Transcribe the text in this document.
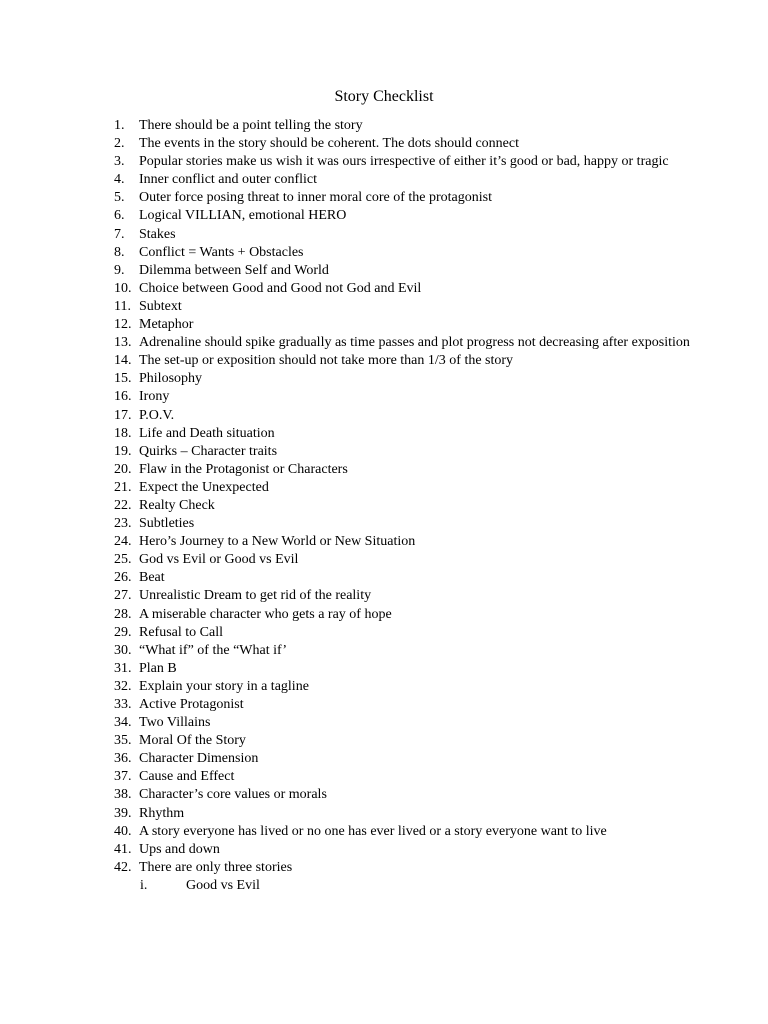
Story Checklist
1.	There should be a point telling the story
2.	The events in the story should be coherent. The dots should connect
3.	Popular stories make us wish it was ours irrespective of either it’s good or bad, happy or tragic
4.	Inner conflict and outer conflict
5.	Outer force posing threat to inner moral core of the protagonist
6.	Logical VILLIAN, emotional HERO
7.	Stakes
8.	Conflict = Wants + Obstacles
9.	Dilemma between Self and World
10. Choice between Good and Good not God and Evil
11. Subtext
12. Metaphor
13. Adrenaline should spike gradually as time passes and plot progress not decreasing after exposition
14. The set-up or exposition should not take more than 1/3 of the story
15. Philosophy
16. Irony
17. P.O.V.
18. Life and Death situation
19. Quirks – Character traits
20. Flaw in the Protagonist or Characters
21. Expect the Unexpected
22. Realty Check
23. Subtleties
24. Hero’s Journey to a New World or New Situation
25. God vs Evil or Good vs Evil
26. Beat
27. Unrealistic Dream to get rid of the reality
28. A miserable character who gets a ray of hope
29. Refusal to Call
30. “What if” of the “What if’
31. Plan B
32. Explain your story in a tagline
33. Active Protagonist
34. Two Villains
35. Moral Of the Story
36. Character Dimension
37. Cause and Effect
38. Character’s core values or morals
39. Rhythm
40. A story everyone has lived or no one has ever lived or a story everyone want to live
41. Ups and down
42. There are only three stories
i.	Good vs Evil
